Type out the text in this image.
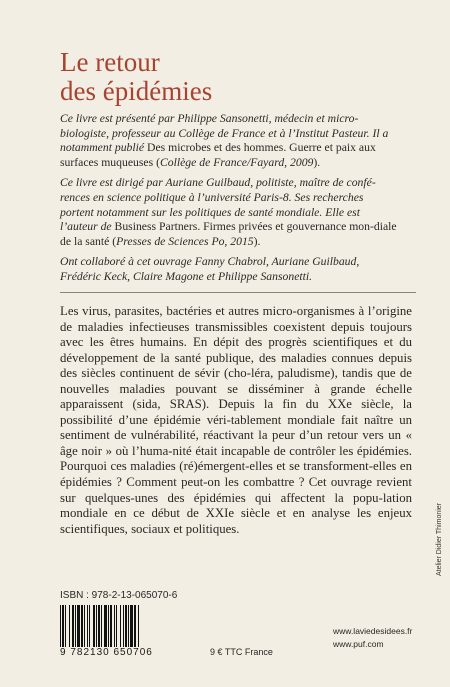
Le retour
des épidémies

Ce livre est présenté par Philippe Sansonetti, médecin et micro-biologiste, professeur au Collège de France et à l’Institut Pasteur. Il a notamment publié Des microbes et des hommes. Guerre et paix aux surfaces muqueuses (Collège de France/Fayard, 2009).

Ce livre est dirigé par Auriane Guilbaud, politiste, maître de confé-rences en science politique à l’université Paris-8. Ses recherches portent notamment sur les politiques de santé mondiale. Elle est l’auteur de Business Partners. Firmes privées et gouvernance mon-diale de la santé (Presses de Sciences Po, 2015).

Ont collaboré à cet ouvrage Fanny Chabrol, Auriane Guilbaud, Frédéric Keck, Claire Magone et Philippe Sansonetti.

Les virus, parasites, bactéries et autres micro-organismes à l’origine de maladies infectieuses transmissibles coexistent depuis toujours avec les êtres humains. En dépit des progrès scientifiques et du développement de la santé publique, des maladies connues depuis des siècles continuent de sévir (cho-léra, paludisme), tandis que de nouvelles maladies pouvant se disséminer à grande échelle apparaissent (sida, SRAS). Depuis la fin du XXe siècle, la possibilité d’une épidémie véri-tablement mondiale fait naître un sentiment de vulnérabilité, réactivant la peur d’un retour vers un « âge noir » où l’huma-nité était incapable de contrôler les épidémies. Pourquoi ces maladies (ré)émergent-elles et se transforment-elles en épidémies ? Comment peut-on les combattre ? Cet ouvrage revient sur quelques-unes des épidémies qui affectent la popu-lation mondiale en ce début de XXIe siècle et en analyse les enjeux scientifiques, sociaux et politiques.
ISBN : 978-2-13-065070-6
9 782130 650706	9 € TTC France
www.laviedesidees.fr
www.puf.com
Atelier Didier Thimonier
